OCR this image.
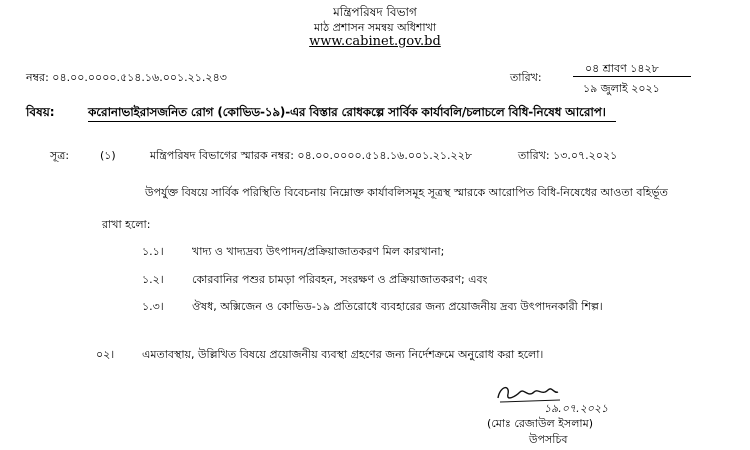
মন্ত্রিপরিষদ বিভাগ
মাঠ প্রশাসন সমন্বয় অধিশাখা
www.cabinet.gov.bd
নম্বর: ০৪.০০.০০০০.৫১৪.১৬.০০১.২১.২৪৩	তারিখ:
০৪ শ্রাবণ ১৪২৮
১৯ জুলাই ২০২১
বিষয়:	করোনাভাইরাসজনিত রোগ (কোভিড-১৯)-এর বিস্তার রোধকল্পে সার্বিক কার্যাবলি/চলাচলে বিধি-নিষেধ আরোপ।
সূত্র:	(১)	মন্ত্রিপরিষদ বিভাগের স্মারক নম্বর: ০৪.০০.০০০০.৫১৪.১৬.০০১.২১.২২৮	তারিখ: ১৩.০৭.২০২১
উপর্যুক্ত বিষয়ে সার্বিক পরিস্থিতি বিবেচনায় নিম্নোক্ত কার্যাবলিসমূহ সূত্রস্থ স্মারকে আরোপিত বিধি-নিষেধের আওতা বহির্ভূত
রাখা হলো:
১.১।	খাদ্য ও খাদ্যদ্রব্য উৎপাদন/প্রক্রিয়াজাতকরণ মিল কারখানা;
১.২।	কোরবানির পশুর চামড়া পরিবহন, সংরক্ষণ ও প্রক্রিয়াজাতকরণ; এবং
১.৩।	ঔষধ, অক্সিজেন ও কোভিড-১৯ প্রতিরোধে ব্যবহারের জন্য প্রয়োজনীয় দ্রব্য উৎপাদনকারী শিল্প।
০২।	এমতাবস্থায়, উল্লিখিত বিষয়ে প্রয়োজনীয় ব্যবস্থা গ্রহণের জন্য নির্দেশক্রমে অনুরোধ করা হলো।
১৯.০৭.২০২১
(মোঃ রেজাউল ইসলাম)
উপসচিব
